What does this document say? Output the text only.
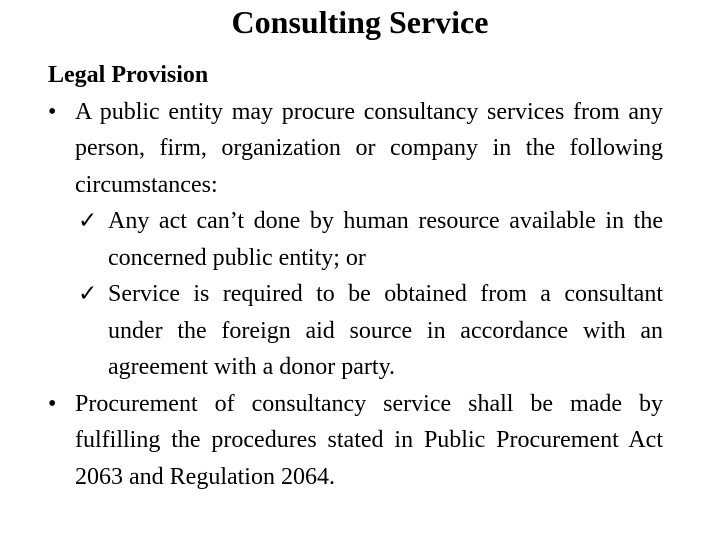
Consulting Service

Legal Provision

• A public entity may procure consultancy services from any person, firm, organization or company in the following circumstances:
✓ Any act can’t done by human resource available in the concerned public entity; or
✓ Service is required to be obtained from a consultant under the foreign aid source in accordance with an agreement with a donor party.
• Procurement of consultancy service shall be made by fulfilling the procedures stated in Public Procurement Act 2063 and Regulation 2064.
